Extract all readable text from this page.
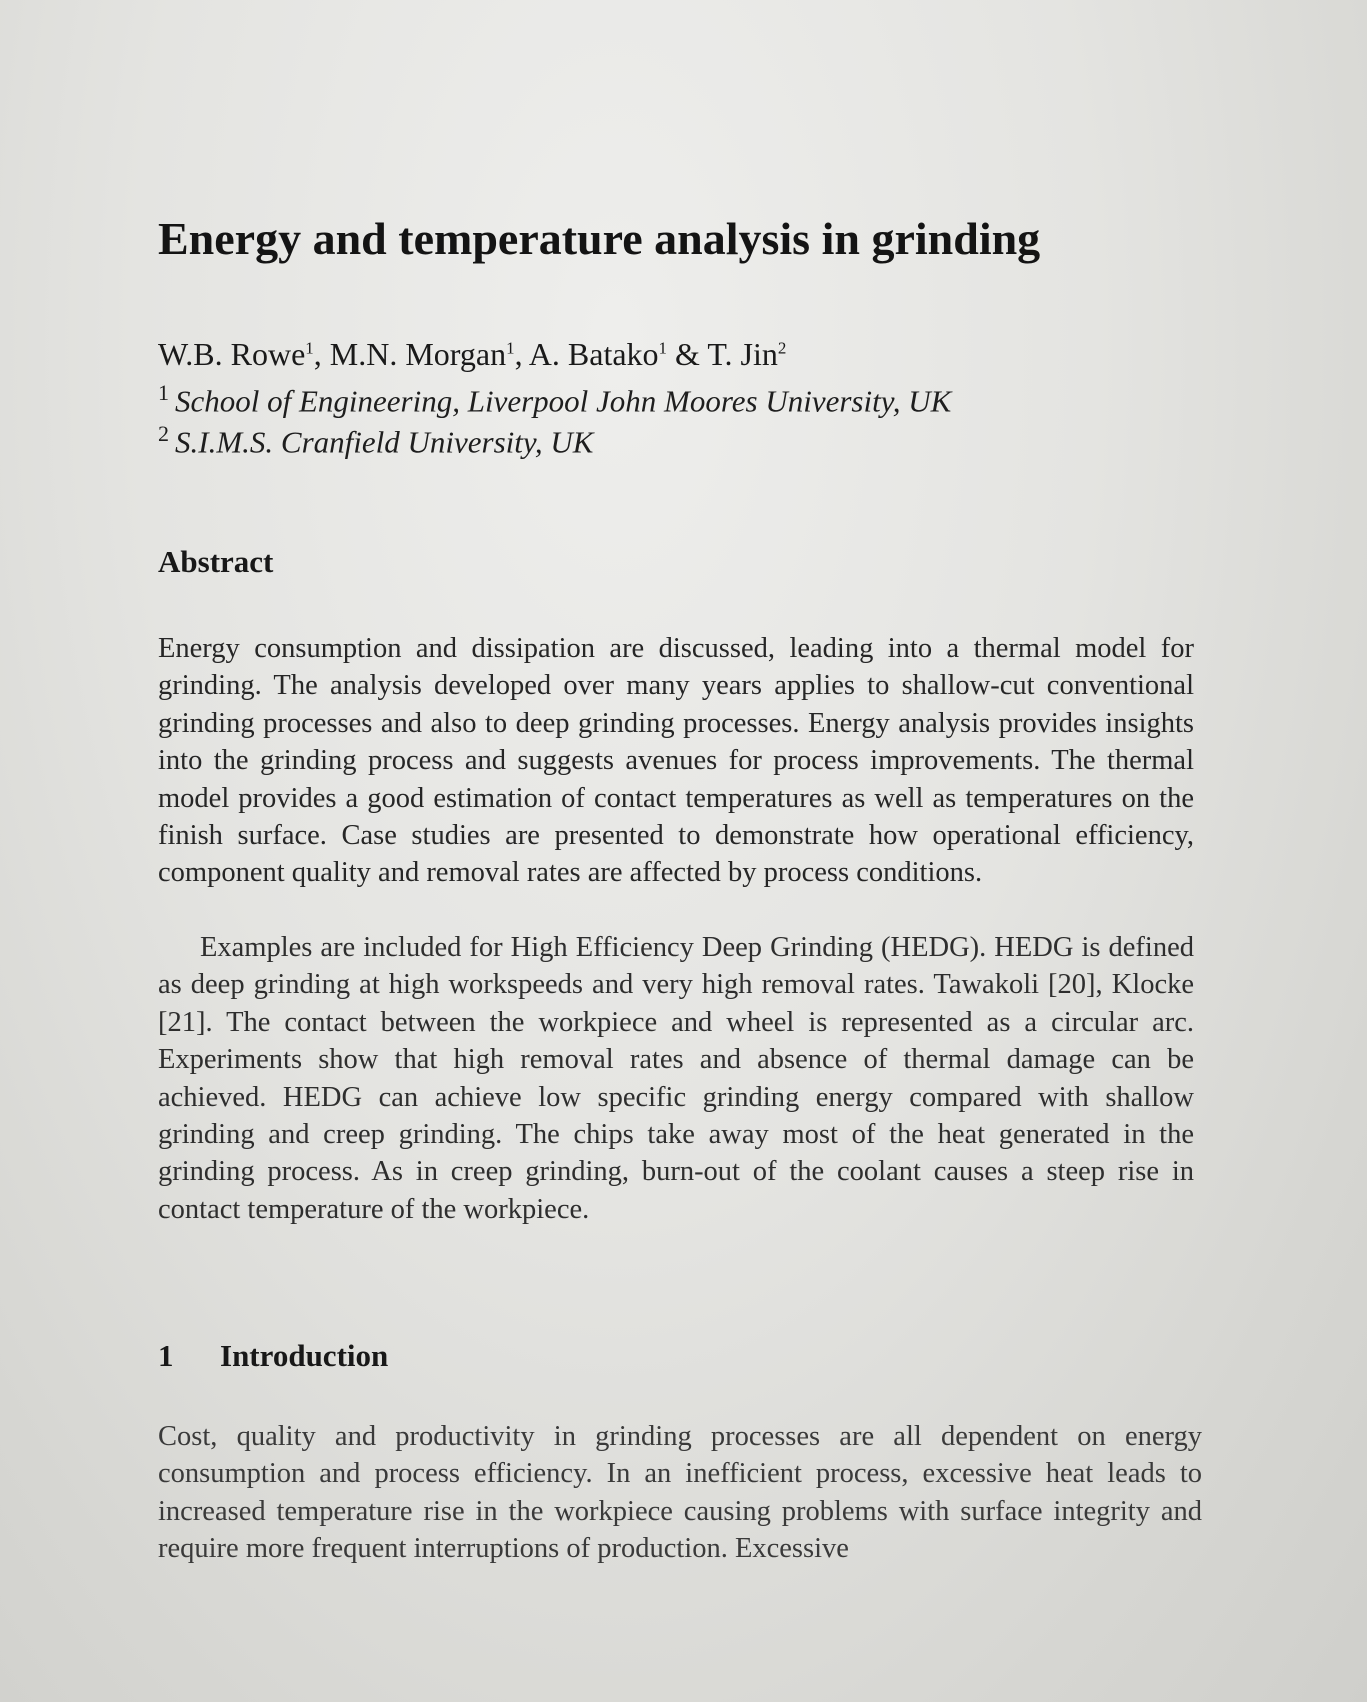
Energy and temperature analysis in grinding
W.B. Rowe$^1$, M.N. Morgan$^1$, A. Batako$^1$ & T. Jin$^2$
$^1$ School of Engineering, Liverpool John Moores University, UK
$^2$ S.I.M.S. Cranfield University, UK
Abstract

Energy consumption and dissipation are discussed, leading into a thermal model for grinding. The analysis developed over many years applies to shallow-cut conventional grinding processes and also to deep grinding processes. Energy analysis provides insights into the grinding process and suggests avenues for process improvements. The thermal model provides a good estimation of contact temperatures as well as temperatures on the finish surface. Case studies are presented to demonstrate how operational efficiency, component quality and removal rates are affected by process conditions.

Examples are included for High Efficiency Deep Grinding (HEDG). HEDG is defined as deep grinding at high workspeeds and very high removal rates. Tawakoli [20], Klocke [21]. The contact between the workpiece and wheel is represented as a circular arc. Experiments show that high removal rates and absence of thermal damage can be achieved. HEDG can achieve low specific grinding energy compared with shallow grinding and creep grinding. The chips take away most of the heat generated in the grinding process. As in creep grinding, burn-out of the coolant causes a steep rise in contact temperature of the workpiece.

1 Introduction

Cost, quality and productivity in grinding processes are all dependent on energy consumption and process efficiency. In an inefficient process, excessive heat leads to increased temperature rise in the workpiece causing problems with surface integrity and require more frequent interruptions of production. Excessive
